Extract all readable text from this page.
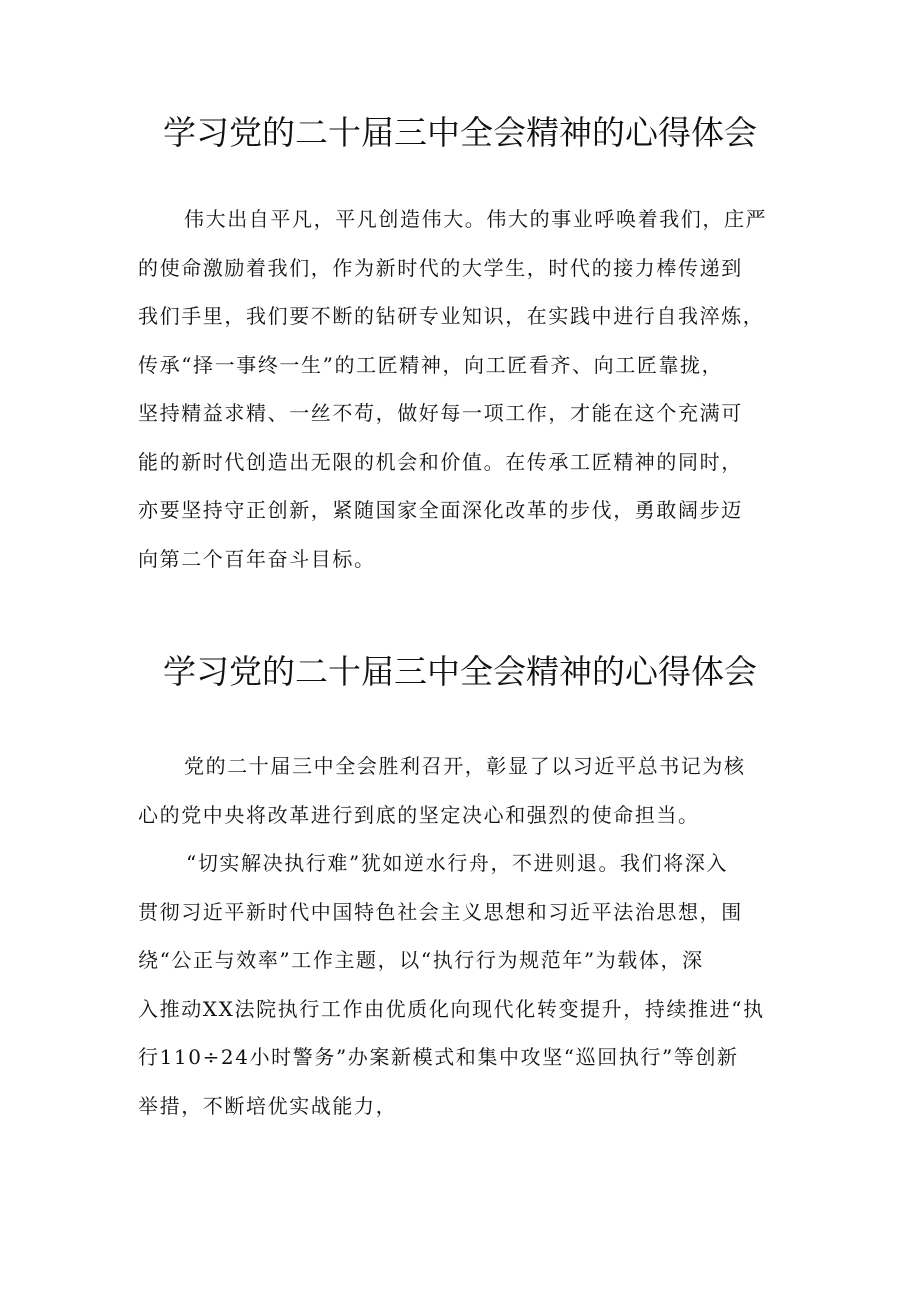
学习党的二十届三中全会精神的心得体会
伟大出自平凡，平凡创造伟大。伟大的事业呼唤着我们，庄严
的使命激励着我们，作为新时代的大学生，时代的接力棒传递到
我们手里，我们要不断的钻研专业知识，在实践中进行自我淬炼，
传承“择一事终一生”的工匠精神，向工匠看齐、向工匠靠拢，
坚持精益求精、一丝不苟，做好每一项工作，才能在这个充满可
能的新时代创造出无限的机会和价值。在传承工匠精神的同时，
亦要坚持守正创新，紧随国家全面深化改革的步伐，勇敢阔步迈
向第二个百年奋斗目标。
学习党的二十届三中全会精神的心得体会
党的二十届三中全会胜利召开，彰显了以习近平总书记为核
心的党中央将改革进行到底的坚定决心和强烈的使命担当。
“切实解决执行难”犹如逆水行舟，不进则退。我们将深入
贯彻习近平新时代中国特色社会主义思想和习近平法治思想，围
绕“公正与效率”工作主题，以“执行行为规范年”为载体，深
入推动XX法院执行工作由优质化向现代化转变提升，持续推进“执
行110÷24小时警务”办案新模式和集中攻坚“巡回执行”等创新
举措，不断培优实战能力，
